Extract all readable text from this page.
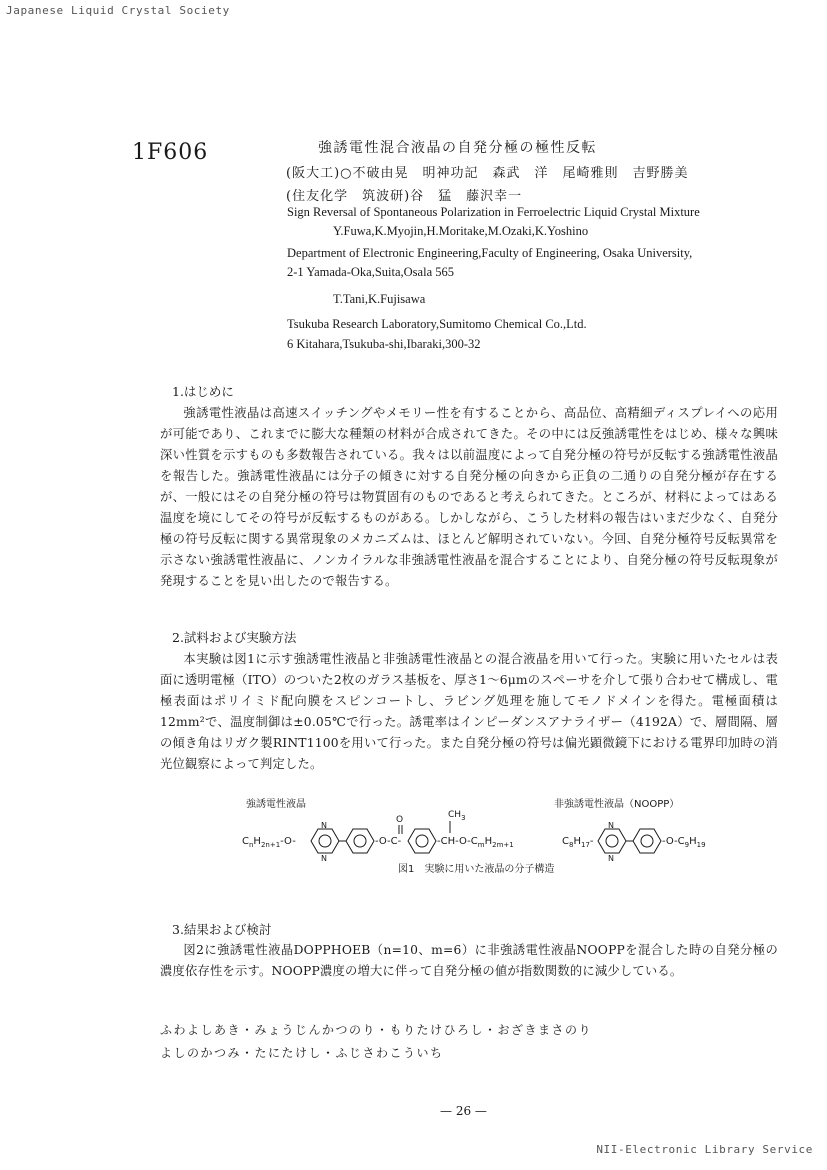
Japanese Liquid Crystal Society
NII-Electronic Library Service
— 26 —
1F606	強誘電性混合液晶の自発分極の極性反転
(阪大工)○不破由晃　明神功記　森武　洋　尾崎雅則　吉野勝美
(住友化学　筑波研)谷　猛　藤沢幸一
Sign Reversal of Spontaneous Polarization in Ferroelectric Liquid Crystal Mixture
Y.Fuwa,K.Myojin,H.Moritake,M.Ozaki,K.Yoshino
Department of Electronic Engineering,Faculty of Engineering, Osaka University,
2-1 Yamada-Oka,Suita,Osala 565
T.Tani,K.Fujisawa
Tsukuba Research Laboratory,Sumitomo Chemical Co.,Ltd.
6 Kitahara,Tsukuba-shi,Ibaraki,300-32
1.はじめに

強誘電性液晶は高速スイッチングやメモリー性を有することから、高品位、高精細ディスプレイへの応用が可能であり、これまでに膨大な種類の材料が合成されてきた。その中には反強誘電性をはじめ、様々な興味深い性質を示すものも多数報告されている。我々は以前温度によって自発分極の符号が反転する強誘電性液晶を報告した。強誘電性液晶には分子の傾きに対する自発分極の向きから正負の二通りの自発分極が存在するが、一般にはその自発分極の符号は物質固有のものであると考えられてきた。ところが、材料によってはある温度を境にしてその符号が反転するものがある。しかしながら、こうした材料の報告はいまだ少なく、自発分極の符号反転に関する異常現象のメカニズムは、ほとんど解明されていない。今回、自発分極符号反転異常を示さない強誘電性液晶に、ノンカイラルな非強誘電性液晶を混合することにより、自発分極の符号反転現象が発現することを見い出したので報告する。

2.試料および実験方法

本実験は図1に示す強誘電性液晶と非強誘電性液晶との混合液晶を用いて行った。実験に用いたセルは表面に透明電極（ITO）のついた2枚のガラス基板を、厚さ1～6μmのスペーサを介して張り合わせて構成し、電極表面はポリイミド配向膜をスピンコートし、ラビング処理を施してモノドメインを得た。電極面積は12mm²で、温度制御は±0.05℃で行った。誘電率はインピーダンスアナライザー（4192A）で、層間隔、層の傾き角はリガク製RINT1100を用いて行った。また自発分極の符号は偏光顕微鏡下における電界印加時の消光位観察によって判定した。

強誘電性液晶	非強誘電性液晶（NOOPP）
$C_nH_{2n+1}-O-$
N
N
-O-C-
O	$CH_3$
$-CH-O-C_mH_{2m+1}$	$C_8H_{17}-$
N
N
$-O-C_9H_{19}$
図1　実験に用いた液晶の分子構造
3.結果および検討

図2に強誘電性液晶DOPPHOEB（n=10、m=6）に非強誘電性液晶NOOPPを混合した時の自発分極の濃度依存性を示す。NOOPP濃度の増大に伴って自発分極の値が指数関数的に減少している。

ふわよしあき・みょうじんかつのり・もりたけひろし・おざきまさのり
よしのかつみ・たにたけし・ふじさわこういち
